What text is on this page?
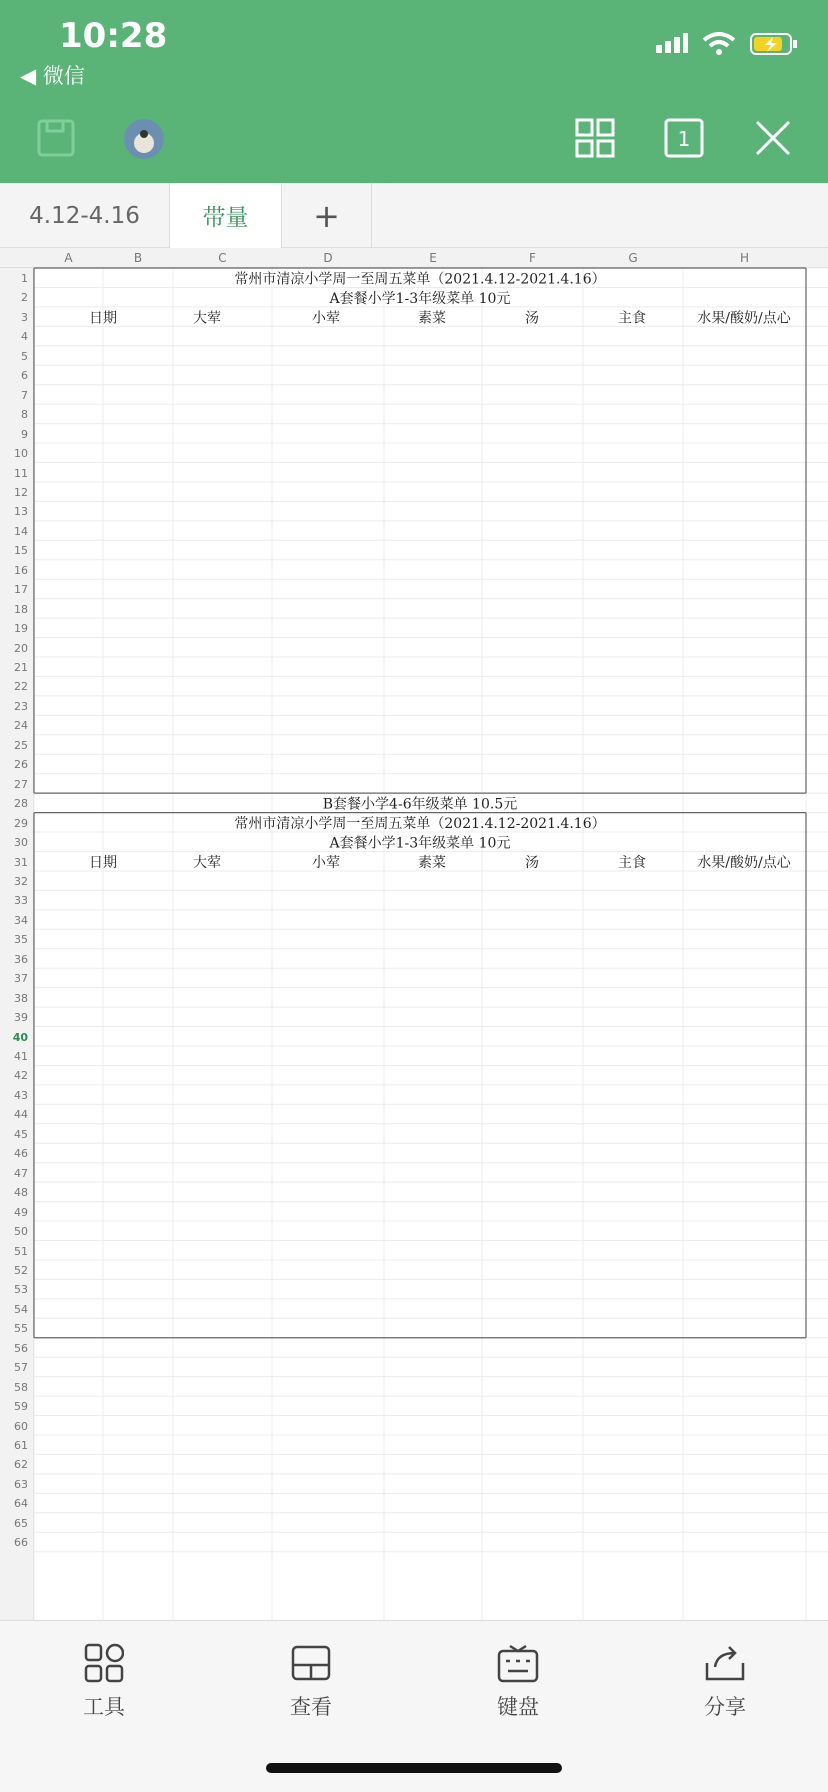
10:28
◀ 微信
1
4.12-4.16	带量	+
A	B	C	D	E	F	G	H
1
2
3
4
5
6
7
8
9
10
11
12
13
14
15
16
17
18
19
20
21
22
23
24
25
26
27
28
29
30
31
32
33
34
35
36
37
38
39
40
41
42
43
44
45
46
47
48
49
50
51
52
53
54
55
56
57
58
59
60
61
62
63
64
65
66
常州市清凉小学周一至周五菜单（2021.4.12-2021.4.16）
A套餐小学1-3年级菜单 10元
日期	大荤	小荤	素菜	汤	主食	水果/酸奶/点心
B套餐小学4-6年级菜单 10.5元
常州市清凉小学周一至周五菜单（2021.4.12-2021.4.16）
A套餐小学1-3年级菜单 10元
日期	大荤	小荤	素菜	汤	主食	水果/酸奶/点心
工具	查看	键盘	分享
